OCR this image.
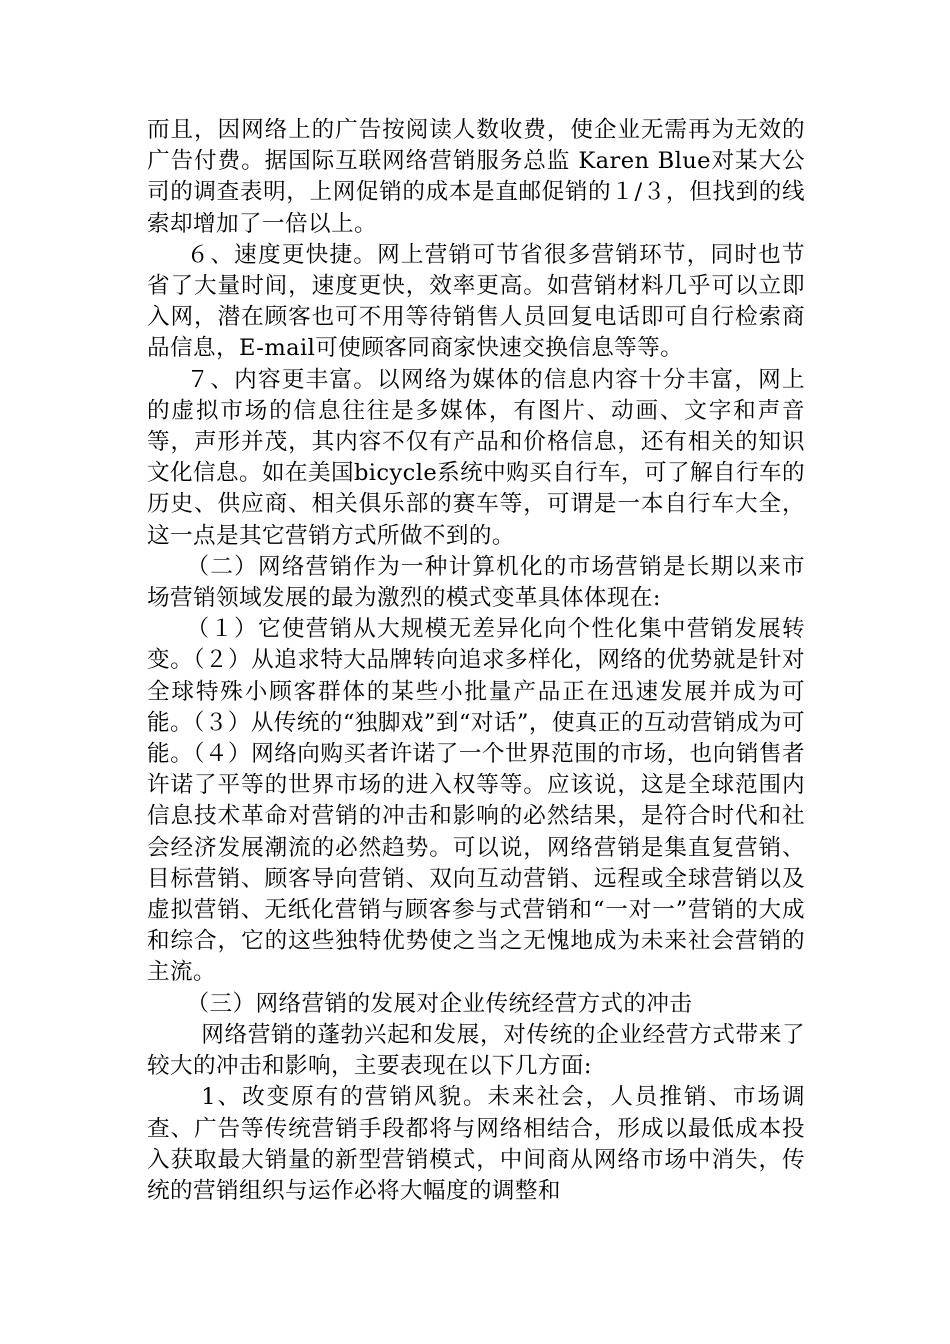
而且，因网络上的广告按阅读人数收费，使企业无需再为无效的广告付费。据国际互联网络营销服务总监 Karen Blue对某大公司的调查表明，上网促销的成本是直邮促销的１/３，但找到的线索却增加了一倍以上。

６、速度更快捷。网上营销可节省很多营销环节，同时也节省了大量时间，速度更快，效率更高。如营销材料几乎可以立即入网，潜在顾客也可不用等待销售人员回复电话即可自行检索商品信息，E-mail可使顾客同商家快速交换信息等等。

７、内容更丰富。以网络为媒体的信息内容十分丰富，网上的虚拟市场的信息往往是多媒体，有图片、动画、文字和声音等，声形并茂，其内容不仅有产品和价格信息，还有相关的知识文化信息。如在美国bicycle系统中购买自行车，可了解自行车的历史、供应商、相关俱乐部的赛车等，可谓是一本自行车大全，这一点是其它营销方式所做不到的。

（二）网络营销作为一种计算机化的市场营销是长期以来市场营销领域发展的最为激烈的模式变革具体体现在:

（１）它使营销从大规模无差异化向个性化集中营销发展转变。（２）从追求特大品牌转向追求多样化，网络的优势就是针对全球特殊小顾客群体的某些小批量产品正在迅速发展并成为可能。（３）从传统的“独脚戏”到“对话”，使真正的互动营销成为可能。（４）网络向购买者许诺了一个世界范围的市场，也向销售者许诺了平等的世界市场的进入权等等。应该说，这是全球范围内信息技术革命对营销的冲击和影响的必然结果，是符合时代和社会经济发展潮流的必然趋势。可以说，网络营销是集直复营销、目标营销、顾客导向营销、双向互动营销、远程或全球营销以及虚拟营销、无纸化营销与顾客参与式营销和“一对一”营销的大成和综合，它的这些独特优势使之当之无愧地成为未来社会营销的主流。

（三）网络营销的发展对企业传统经营方式的冲击

网络营销的蓬勃兴起和发展，对传统的企业经营方式带来了较大的冲击和影响，主要表现在以下几方面:

1、改变原有的营销风貌。未来社会，人员推销、市场调查、广告等传统营销手段都将与网络相结合，形成以最低成本投入获取最大销量的新型营销模式，中间商从网络市场中消失，传统的营销组织与运作必将大幅度的调整和
